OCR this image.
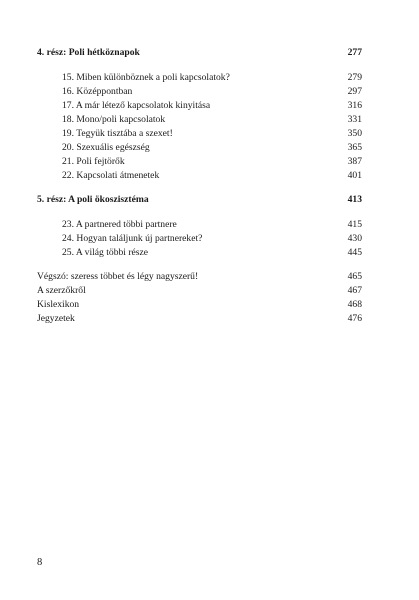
4. rész: Poli hétköznapok	277
15. Miben különböznek a poli kapcsolatok?	279
16. Középpontban	297
17. A már létező kapcsolatok kinyitása	316
18. Mono/poli kapcsolatok	331
19. Tegyük tisztába a szexet!	350
20. Szexuális egészség	365
21. Poli fejtörők	387
22. Kapcsolati átmenetek	401
5. rész: A poli ökoszisztéma	413
23. A partnered többi partnere	415
24. Hogyan találjunk új partnereket?	430
25. A világ többi része	445
Végszó: szeress többet és légy nagyszerű!	465
A szerzőkről	467
Kislexikon	468
Jegyzetek	476
8
